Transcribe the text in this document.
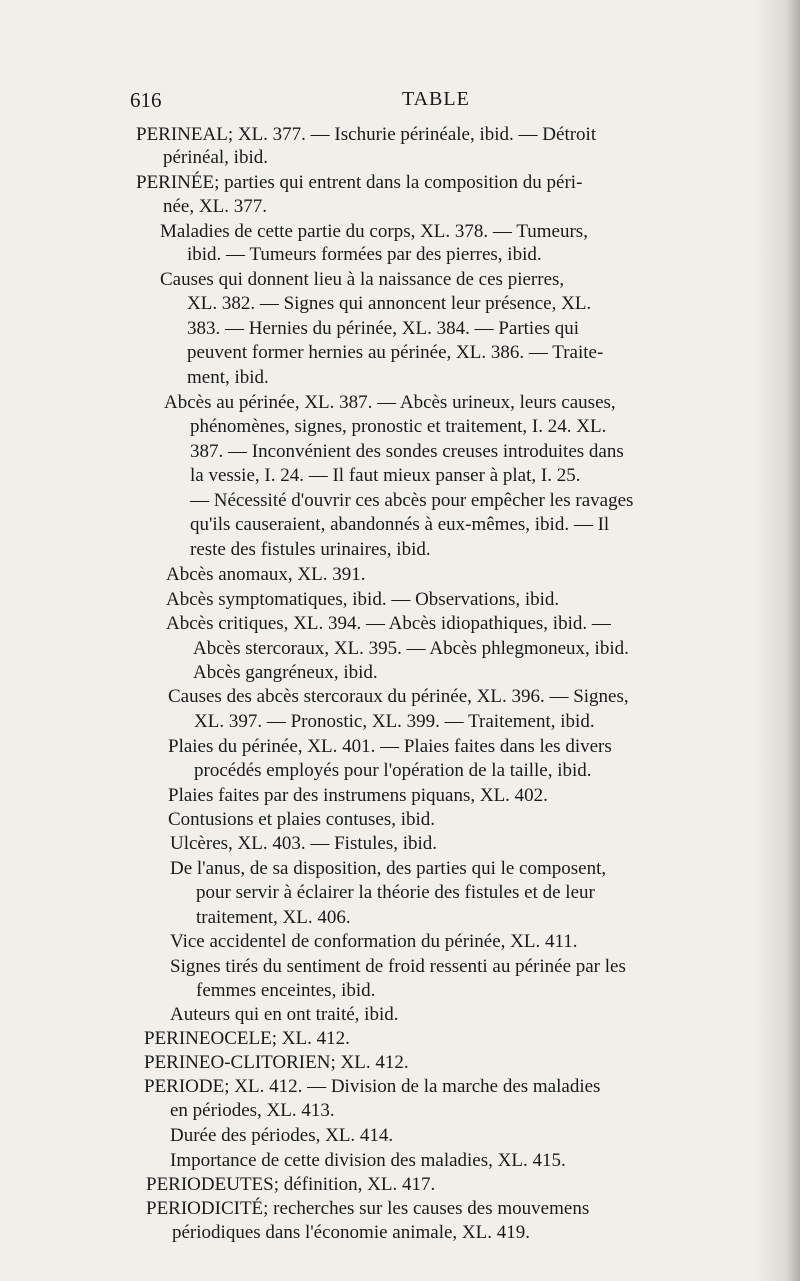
616	TABLE
PERINEAL; XL. 377. — Ischurie périnéale, ibid. — Détroit
périnéal, ibid.
PERINÉE; parties qui entrent dans la composition du péri-
née, XL. 377.
Maladies de cette partie du corps, XL. 378. — Tumeurs,
ibid. — Tumeurs formées par des pierres, ibid.
Causes qui donnent lieu à la naissance de ces pierres,
XL. 382. — Signes qui annoncent leur présence, XL.
383. — Hernies du périnée, XL. 384. — Parties qui
peuvent former hernies au périnée, XL. 386. — Traite-
ment, ibid.
Abcès au périnée, XL. 387. — Abcès urineux, leurs causes,
phénomènes, signes, pronostic et traitement, I. 24. XL.
387. — Inconvénient des sondes creuses introduites dans
la vessie, I. 24. — Il faut mieux panser à plat, I. 25.
— Nécessité d'ouvrir ces abcès pour empêcher les ravages
qu'ils causeraient, abandonnés à eux-mêmes, ibid. — Il
reste des fistules urinaires, ibid.
Abcès anomaux, XL. 391.
Abcès symptomatiques, ibid. — Observations, ibid.
Abcès critiques, XL. 394. — Abcès idiopathiques, ibid. —
Abcès stercoraux, XL. 395. — Abcès phlegmoneux, ibid.
Abcès gangréneux, ibid.
Causes des abcès stercoraux du périnée, XL. 396. — Signes,
XL. 397. — Pronostic, XL. 399. — Traitement, ibid.
Plaies du périnée, XL. 401. — Plaies faites dans les divers
procédés employés pour l'opération de la taille, ibid.
Plaies faites par des instrumens piquans, XL. 402.
Contusions et plaies contuses, ibid.
Ulcères, XL. 403. — Fistules, ibid.
De l'anus, de sa disposition, des parties qui le composent,
pour servir à éclairer la théorie des fistules et de leur
traitement, XL. 406.
Vice accidentel de conformation du périnée, XL. 411.
Signes tirés du sentiment de froid ressenti au périnée par les
femmes enceintes, ibid.
Auteurs qui en ont traité, ibid.
PERINEOCELE; XL. 412.
PERINEO-CLITORIEN; XL. 412.
PERIODE; XL. 412. — Division de la marche des maladies
en périodes, XL. 413.
Durée des périodes, XL. 414.
Importance de cette division des maladies, XL. 415.
PERIODEUTES; définition, XL. 417.
PERIODICITÉ; recherches sur les causes des mouvemens
périodiques dans l'économie animale, XL. 419.
